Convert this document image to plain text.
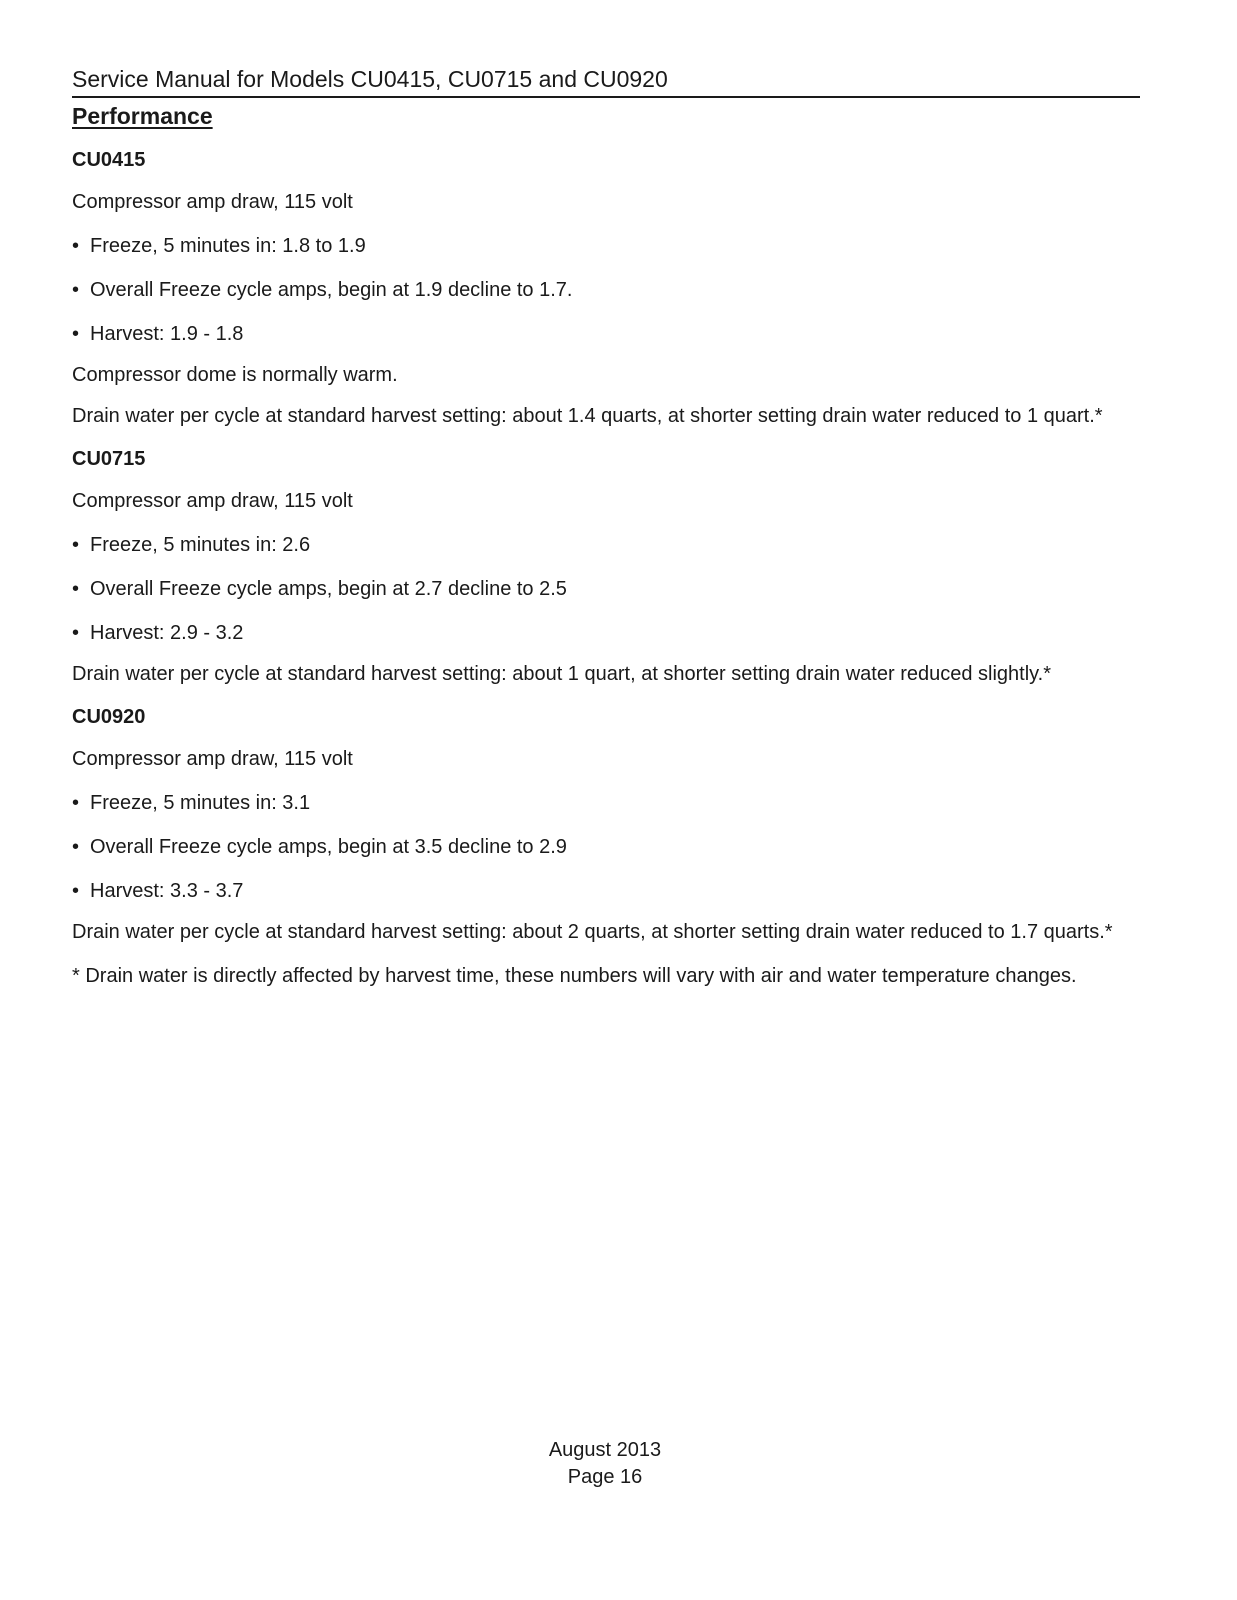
Service Manual for Models CU0415, CU0715 and CU0920
Performance
CU0415

Compressor amp draw, 115 volt

• Freeze, 5 minutes in: 1.8 to 1.9
• Overall Freeze cycle amps, begin at 1.9 decline to 1.7.
• Harvest: 1.9 - 1.8

Compressor dome is normally warm.

Drain water per cycle at standard harvest setting: about 1.4 quarts, at shorter setting drain water reduced to 1 quart.*

CU0715

Compressor amp draw, 115 volt

• Freeze, 5 minutes in: 2.6
• Overall Freeze cycle amps, begin at 2.7 decline to 2.5
• Harvest: 2.9 - 3.2

Drain water per cycle at standard harvest setting: about 1 quart, at shorter setting drain water reduced slightly.*

CU0920

Compressor amp draw, 115 volt

• Freeze, 5 minutes in: 3.1
• Overall Freeze cycle amps, begin at 3.5 decline to 2.9
• Harvest: 3.3 - 3.7

Drain water per cycle at standard harvest setting: about 2 quarts, at shorter setting drain water reduced to 1.7 quarts.*

* Drain water is directly affected by harvest time, these numbers will vary with air and water temperature changes.

August 2013
Page 16
